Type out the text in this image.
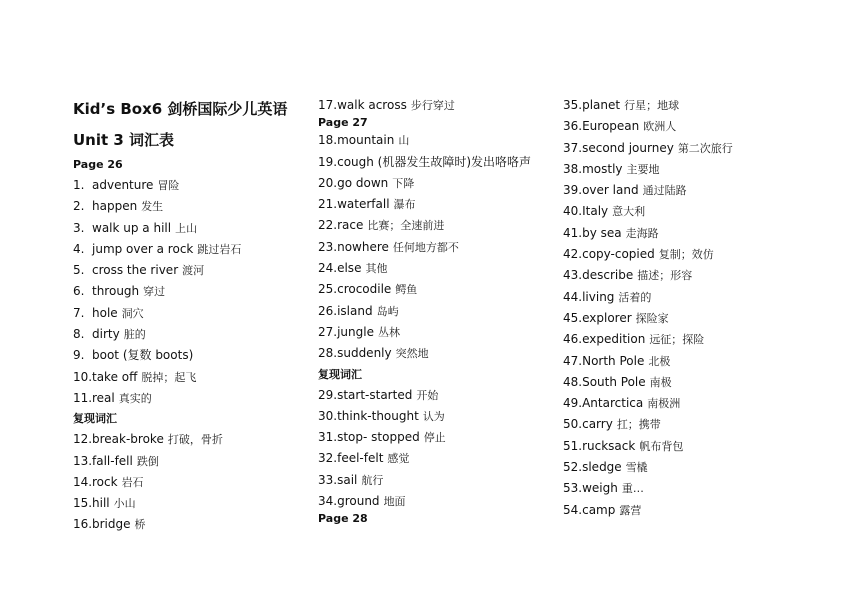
Kid’s Box6 剑桥国际少儿英语
Unit 3 词汇表
Page 26
1. adventure 冒险
2. happen 发生
3. walk up a hill 上山
4. jump over a rock 跳过岩石
5. cross the river 渡河
6. through 穿过
7. hole 洞穴
8. dirty 脏的
9. boot (复数 boots)
10.take off 脱掉；起飞
11.real 真实的
复现词汇
12.break-broke 打破，骨折
13.fall-fell 跌倒
14.rock 岩石
15.hill 小山
16.bridge 桥
17.walk across 步行穿过
Page 27
18.mountain 山
19.cough (机器发生故障时)发出咯咯声
20.go down 下降
21.waterfall 瀑布
22.race 比赛；全速前进
23.nowhere 任何地方都不
24.else 其他
25.crocodile 鳄鱼
26.island 岛屿
27.jungle 丛林
28.suddenly 突然地
复现词汇
29.start-started 开始
30.think-thought 认为
31.stop- stopped 停止
32.feel-felt 感觉
33.sail 航行
34.ground 地面
Page 28
35.planet 行星；地球
36.European 欧洲人
37.second journey 第二次旅行
38.mostly 主要地
39.over land 通过陆路
40.Italy 意大利
41.by sea 走海路
42.copy-copied 复制；效仿
43.describe 描述；形容
44.living 活着的
45.explorer 探险家
46.expedition 远征；探险
47.North Pole 北极
48.South Pole 南极
49.Antarctica 南极洲
50.carry 扛；携带
51.rucksack 帆布背包
52.sledge 雪橇
53.weigh 重…
54.camp 露营
